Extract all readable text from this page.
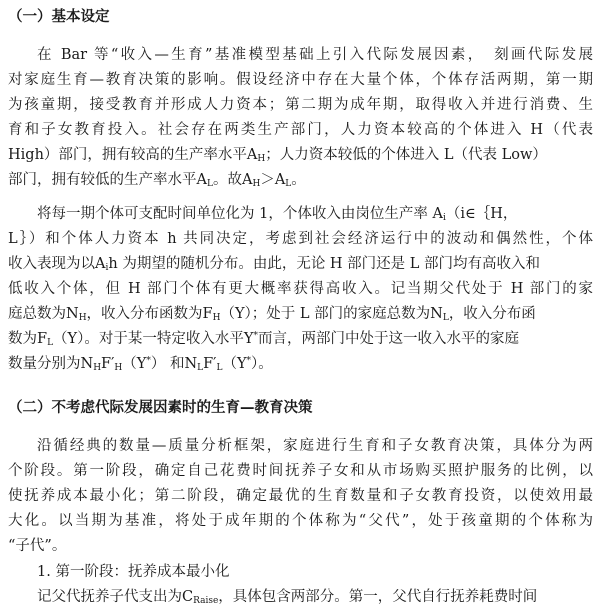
（一）基本设定
在 Bar 等“收入—生育”基准模型基础上引入代际发展因素，　刻画代际发展
对家庭生育—教育决策的影响。假设经济中存在大量个体，个体存活两期，第一期
为孩童期，接受教育并形成人力资本；第二期为成年期，取得收入并进行消费、生
育和子女教育投入。社会存在两类生产部门，人力资本较高的个体进入 H（代表
High）部门，拥有较高的生产率水平$A_H$；人力资本较低的个体进入 L（代表 Low）
部门，拥有较低的生产率水平$A_L$。故$A_H>A_L$。
将每一期个体可支配时间单位化为 1，个体收入由岗位生产率 $A_i(i\in\{H$，
L｝）和个体人力资本 h 共同决定，考虑到社会经济运行中的波动和偶然性，个体
收入表现为以$A_ih$ 为期望的随机分布。由此，无论 H 部门还是 L 部门均有高收入和
低收入个体，但 H 部门个体有更大概率获得高收入。记当期父代处于 H 部门的家
庭总数为$N_H$，收入分布函数为$F_H(Y)$；处于 L 部门的家庭总数为$N_L$，收入分布函
数为$F_L(Y)$。对于某一特定收入水平Y*而言，两部门中处于这一收入水平的家庭
数量分别为$N_HF'_H(Y^*)$ 和$N_LF'_L(Y^*)$。
（二）不考虑代际发展因素时的生育—教育决策
沿循经典的数量—质量分析框架，家庭进行生育和子女教育决策，具体分为两
个阶段。第一阶段，确定自己花费时间抚养子女和从市场购买照护服务的比例，以
使抚养成本最小化；第二阶段，确定最优的生育数量和子女教育投资，以使效用最
大化。以当期为基准，将处于成年期的个体称为“父代”，处于孩童期的个体称为
“子代”。
1. 第一阶段：抚养成本最小化
记父代抚养子代支出为$C_{Raise}$，具体包含两部分。第一，父代自行抚养耗费时间
